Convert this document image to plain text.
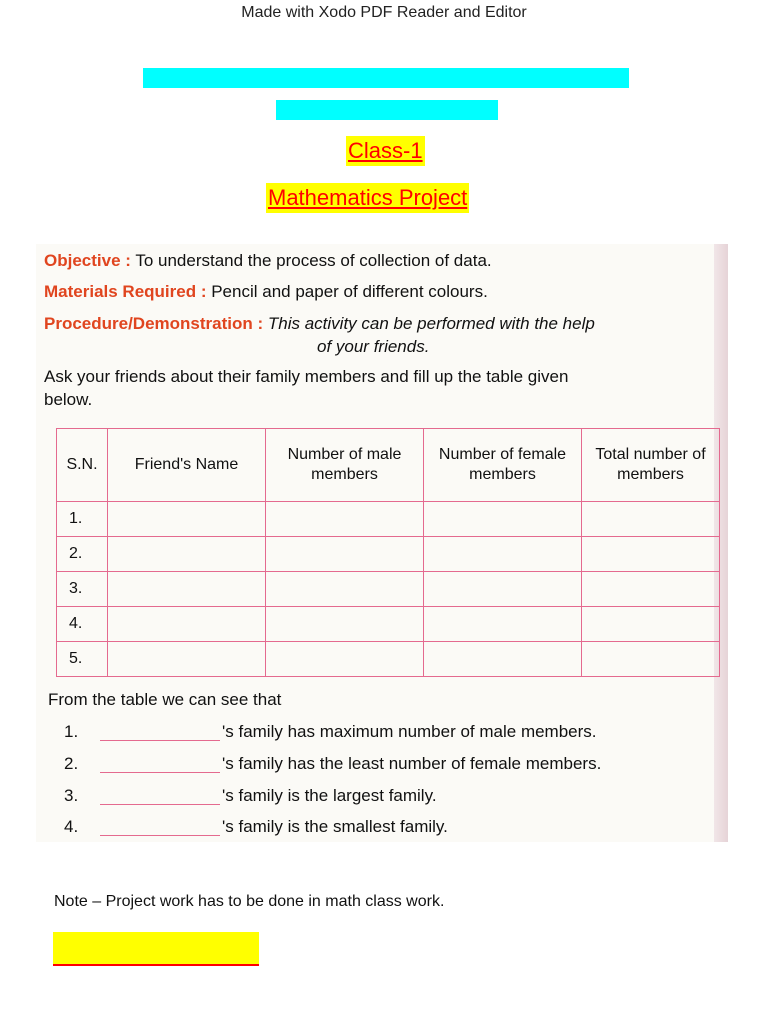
Made with Xodo PDF Reader and Editor
Class-1
Mathematics Project
Objective : To understand the process of collection of data.
Materials Required : Pencil and paper of different colours.
Procedure/Demonstration : This activity can be performed with the help
of your friends.
Ask your friends about their family members and fill up the table given
below.
S.N.	Friend's Name	Number of male members	Number of female members	Total number of members
1.				
2.				
3.				
4.				
5.				
From the table we can see that
1.	's family has maximum number of male members.
2.	's family has the least number of female members.
3.	's family is the largest family.
4.	's family is the smallest family.
Note – Project work has to be done in math class work.
